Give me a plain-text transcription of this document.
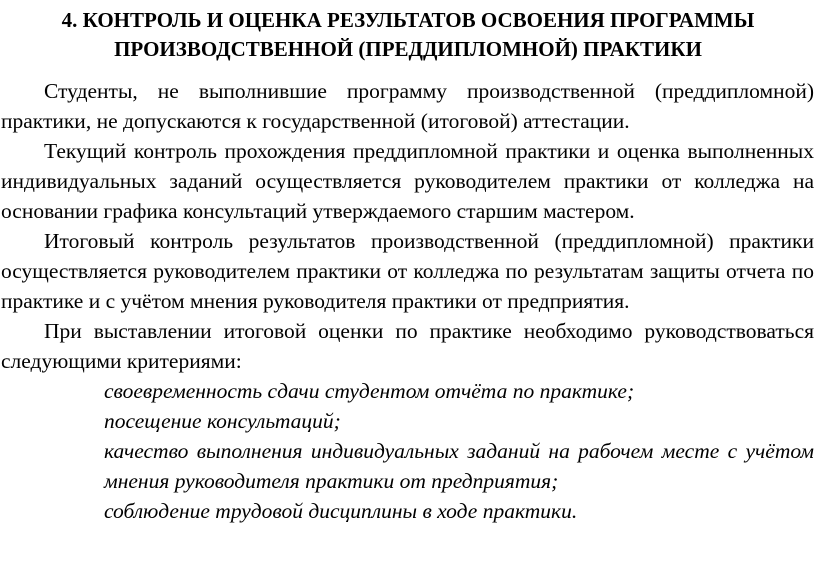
4. КОНТРОЛЬ И ОЦЕНКА РЕЗУЛЬТАТОВ ОСВОЕНИЯ ПРОГРАММЫ
ПРОИЗВОДСТВЕННОЙ (ПРЕДДИПЛОМНОЙ) ПРАКТИКИ

Студенты, не выполнившие программу производственной (преддипломной) практики, не допускаются к государственной (итоговой) аттестации.

Текущий контроль прохождения преддипломной практики и оценка выполненных индивидуальных заданий осуществляется руководителем практики от колледжа на основании графика консультаций утверждаемого старшим мастером.

Итоговый контроль результатов производственной (преддипломной) практики осуществляется руководителем практики от колледжа по результатам защиты отчета по практике и с учётом мнения руководителя практики от предприятия.

При выставлении итоговой оценки по практике необходимо руководствоваться следующими критериями:

своевременность сдачи студентом отчёта по практике;
посещение консультаций;
качество выполнения индивидуальных заданий на рабочем месте с учётом мнения руководителя практики от предприятия;
соблюдение трудовой дисциплины в ходе практики.
